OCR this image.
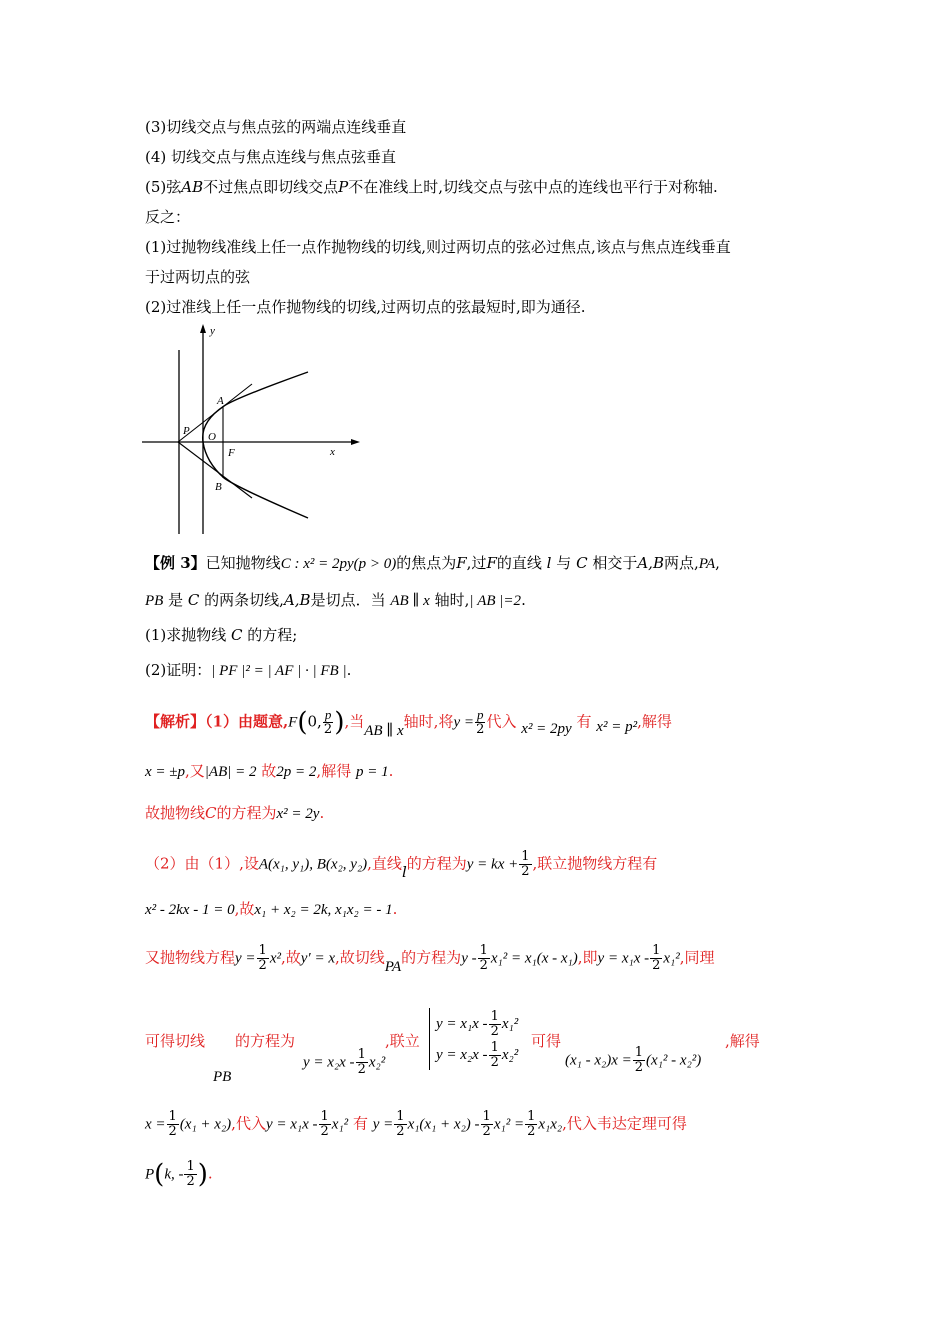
(3)切线交点与焦点弦的两端点连线垂直
(4) 切线交点与焦点连线与焦点弦垂直
(5)弦AB不过焦点即切线交点P不在准线上时,切线交点与弦中点的连线也平行于对称轴.
反之：
(1)过抛物线准线上任一点作抛物线的切线,则过两切点的弦必过焦点,该点与焦点连线垂直
于过两切点的弦
(2)过准线上任一点作抛物线的切线,过两切点的弦最短时,即为通径.
x
y
A
P O
F
B
【例 3】已知抛物线C : x² = 2py(p > 0)的焦点为F,过F的直线 l 与 C 相交于A,B两点,PA,
PB 是 C 的两条切线,A,B是切点．当 AB ∥ x 轴时,| AB |=2.
(1)求抛物线 C 的方程;
(2)证明：| PF |² = | AF | · | FB |.
【解析】（1）由题意,F(0, $\frac{p}{2}$ ),当AB ∥ x轴时,将$y = \frac{p}{2}$ 代入 x² = 2py 有 x² = p²,解得
x = ±p,又|AB| = 2 故2p = 2,解得 p = 1.
故抛物线C的方程为x² = 2y.
（2）由（1）,设A(x₁, y₁), B(x₂, y₂),直线l的方程为y = kx + $\frac{1}{2}$ ,联立抛物线方程有
x² - 2kx - 1 = 0,故x₁ + x₂ = 2k, x₁x₂ = - 1.
又抛物线方程$y = \frac{1}{2} x^2$,故y′ = x,故切线PA的方程为$y - \frac{1}{2} x_1^2 = x_1(x - x_1)$,即$y = x_1x - \frac{1}{2} x_1^2$,同理
可得切线
PB
的方程为
$y = x_2x - \frac{1}{2} x_2^2$
,联立
$y = x_1x - \frac{1}{2} x_1^2$
$y = x_2x - \frac{1}{2} x_2^2$
可得
$(x_1 - x_2)x = \frac{1}{2} (x_1^2 - x_2^2)$
,解得
$x = \frac{1}{2} (x_1 + x_2)$,代入$y = x_1x - \frac{1}{2} x_1^2$ 有 $y = \frac{1}{2} x_1(x_1 + x_2) - \frac{1}{2} x_1^2 = \frac{1}{2} x_1x_2$,代入韦达定理可得
P(k, - $\frac{1}{2}$ ).
